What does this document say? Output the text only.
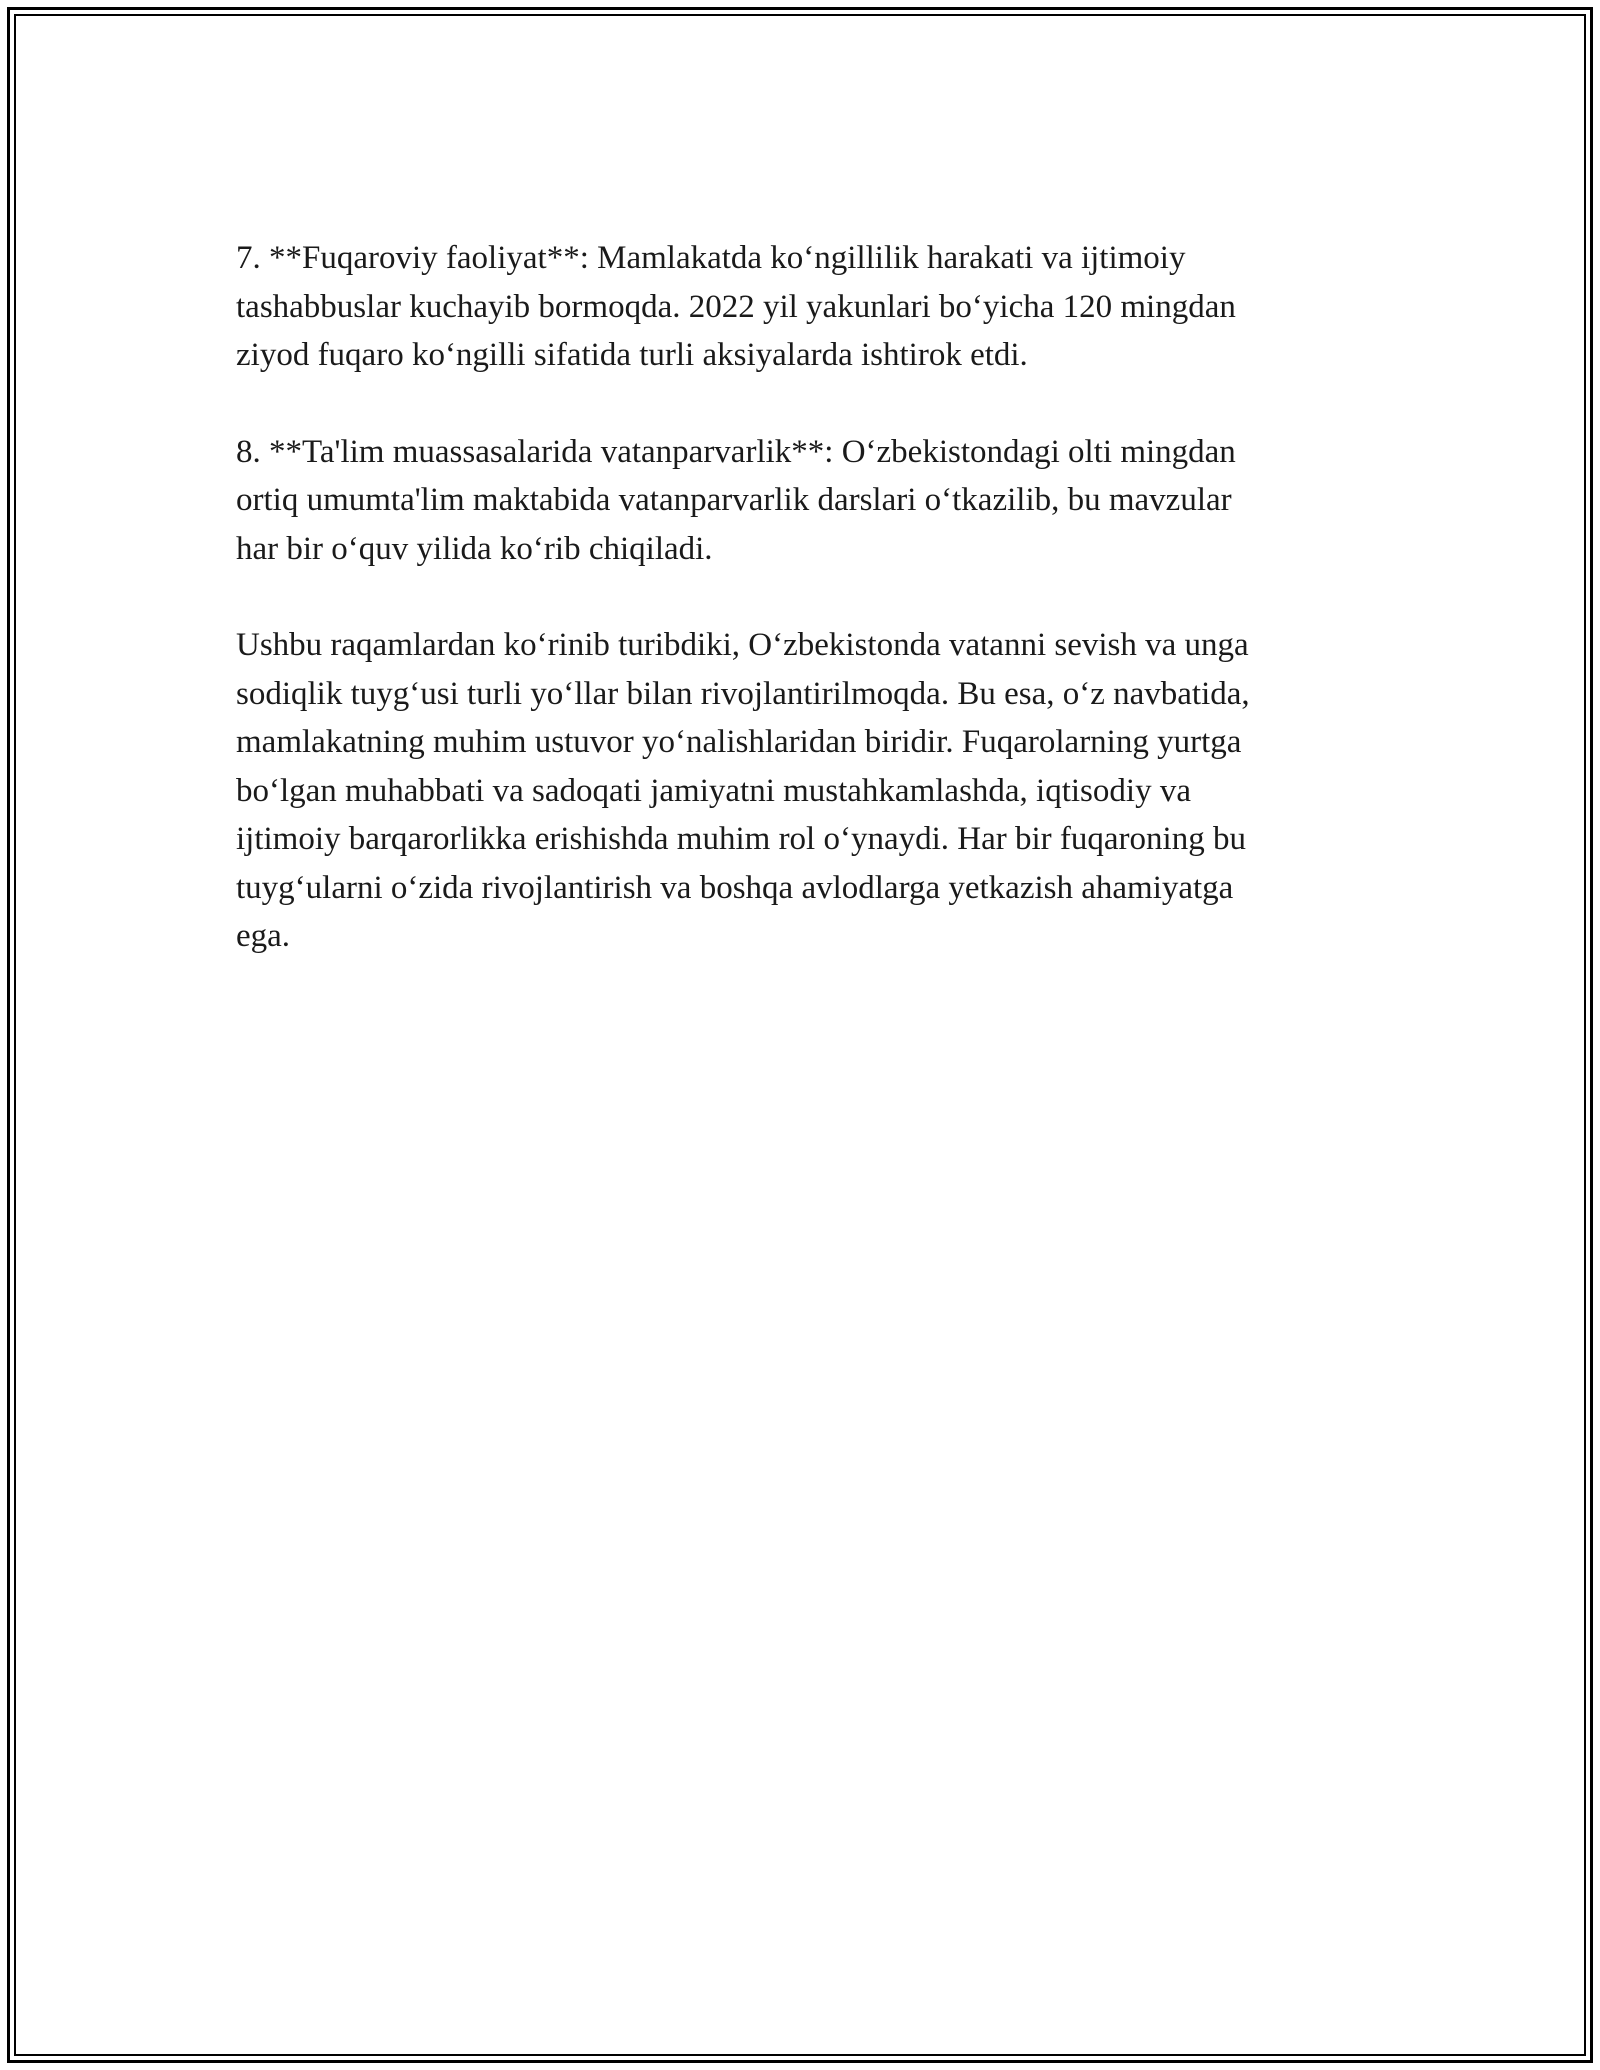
7. **Fuqaroviy faoliyat**: Mamlakatda ko‘ngillilik harakati va ijtimoiy
tashabbuslar kuchayib bormoqda. 2022 yil yakunlari bo‘yicha 120 mingdan
ziyod fuqaro ko‘ngilli sifatida turli aksiyalarda ishtirok etdi.

8. **Ta'lim muassasalarida vatanparvarlik**: O‘zbekistondagi olti mingdan
ortiq umumta'lim maktabida vatanparvarlik darslari o‘tkazilib, bu mavzular
har bir o‘quv yilida ko‘rib chiqiladi.

Ushbu raqamlardan ko‘rinib turibdiki, O‘zbekistonda vatanni sevish va unga
sodiqlik tuyg‘usi turli yo‘llar bilan rivojlantirilmoqda. Bu esa, o‘z navbatida,
mamlakatning muhim ustuvor yo‘nalishlaridan biridir. Fuqarolarning yurtga
bo‘lgan muhabbati va sadoqati jamiyatni mustahkamlashda, iqtisodiy va
ijtimoiy barqarorlikka erishishda muhim rol o‘ynaydi. Har bir fuqaroning bu
tuyg‘ularni o‘zida rivojlantirish va boshqa avlodlarga yetkazish ahamiyatga
ega.
